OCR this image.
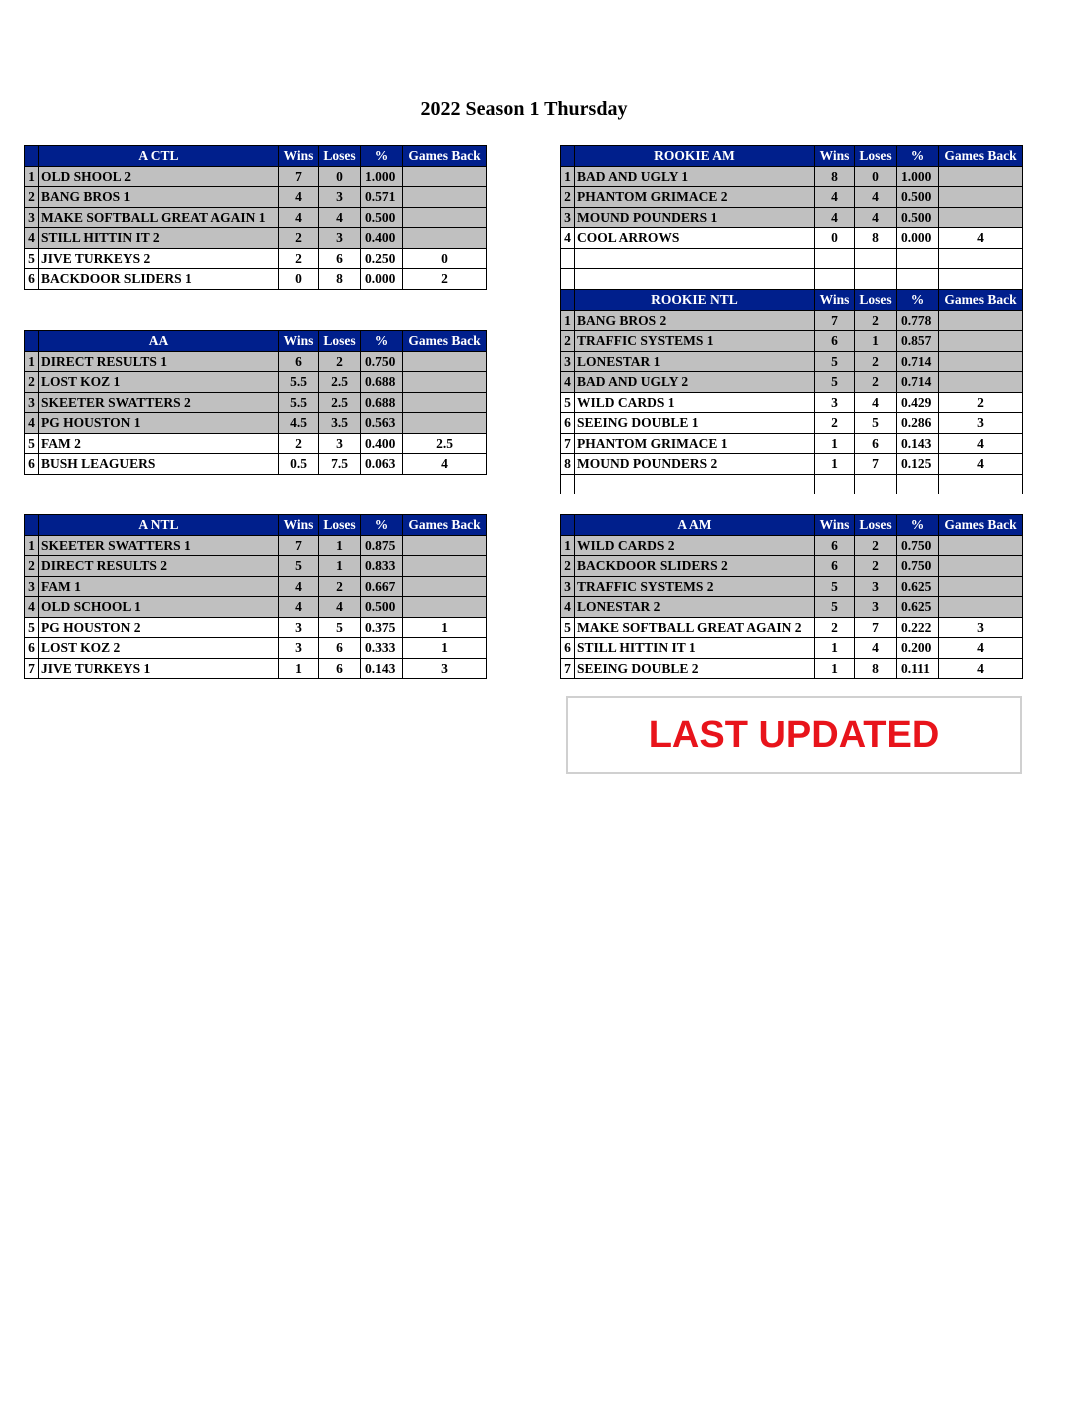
2022 Season 1 Thursday
	A CTL	Wins	Loses	%	Games Back
1	OLD SHOOL 2	7	0	1.000	
2	BANG BROS 1	4	3	0.571	
3	MAKE SOFTBALL GREAT AGAIN 1	4	4	0.500	
4	STILL HITTIN IT 2	2	3	0.400	
5	JIVE TURKEYS 2	2	6	0.250	0
6	BACKDOOR SLIDERS 1	0	8	0.000	2
	AA	Wins	Loses	%	Games Back
1	DIRECT RESULTS 1	6	2	0.750	
2	LOST KOZ 1	5.5	2.5	0.688	
3	SKEETER SWATTERS 2	5.5	2.5	0.688	
4	PG HOUSTON 1	4.5	3.5	0.563	
5	FAM 2	2	3	0.400	2.5
6	BUSH LEAGUERS	0.5	7.5	0.063	4
	A NTL	Wins	Loses	%	Games Back
1	SKEETER SWATTERS 1	7	1	0.875	
2	DIRECT RESULTS 2	5	1	0.833	
3	FAM 1	4	2	0.667	
4	OLD SCHOOL 1	4	4	0.500	
5	PG HOUSTON 2	3	5	0.375	1
6	LOST KOZ 2	3	6	0.333	1
7	JIVE TURKEYS 1	1	6	0.143	3
	ROOKIE AM	Wins	Loses	%	Games Back
1	BAD AND UGLY 1	8	0	1.000	
2	PHANTOM GRIMACE 2	4	4	0.500	
3	MOUND POUNDERS 1	4	4	0.500	
4	COOL ARROWS	0	8	0.000	4

	ROOKIE NTL	Wins	Loses	%	Games Back
1	BANG BROS 2	7	2	0.778	
2	TRAFFIC SYSTEMS 1	6	1	0.857	
3	LONESTAR 1	5	2	0.714	
4	BAD AND UGLY 2	5	2	0.714	
5	WILD CARDS 1	3	4	0.429	2
6	SEEING DOUBLE 1	2	5	0.286	3
7	PHANTOM GRIMACE 1	1	6	0.143	4
8	MOUND POUNDERS 2	1	7	0.125	4

	A AM	Wins	Loses	%	Games Back
1	WILD CARDS 2	6	2	0.750	
2	BACKDOOR SLIDERS 2	6	2	0.750	
3	TRAFFIC SYSTEMS 2	5	3	0.625	
4	LONESTAR 2	5	3	0.625	
5	MAKE SOFTBALL GREAT AGAIN 2	2	7	0.222	3
6	STILL HITTIN IT 1	1	4	0.200	4
7	SEEING DOUBLE 2	1	8	0.111	4
LAST UPDATED
